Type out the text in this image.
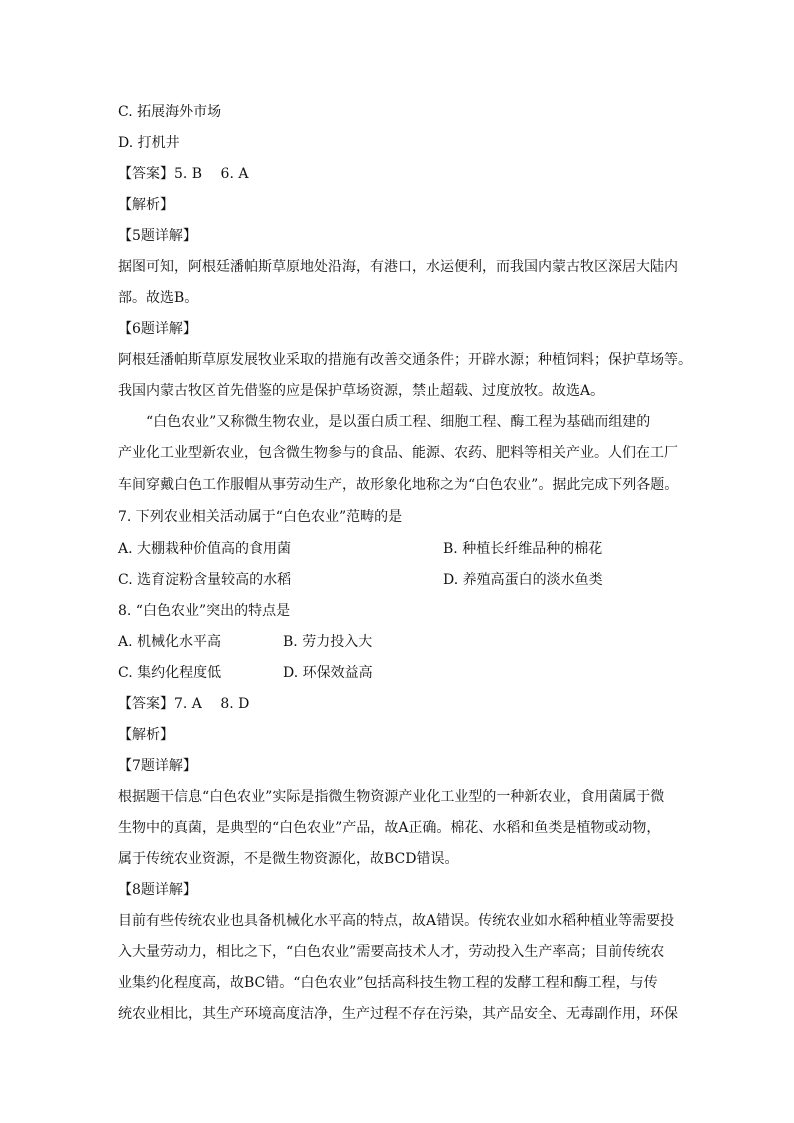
C. 拓展海外市场
D. 打机井
【答案】5. B　 6. A
【解析】
【5题详解】
据图可知，阿根廷潘帕斯草原地处沿海，有港口，水运便利，而我国内蒙古牧区深居大陆内
部。故选B。
【6题详解】
阿根廷潘帕斯草原发展牧业采取的措施有改善交通条件；开辟水源；种植饲料；保护草场等。
我国内蒙古牧区首先借鉴的应是保护草场资源，禁止超载、过度放牧。故选A。
“白色农业”又称微生物农业，是以蛋白质工程、细胞工程、酶工程为基础而组建的
产业化工业型新农业，包含微生物参与的食品、能源、农药、肥料等相关产业。人们在工厂
车间穿戴白色工作服帽从事劳动生产，故形象化地称之为“白色农业”。据此完成下列各题。
7. 下列农业相关活动属于“白色农业”范畴的是
A. 大棚栽种价值高的食用菌	B. 种植长纤维品种的棉花
C. 选育淀粉含量较高的水稻	D. 养殖高蛋白的淡水鱼类
8. “白色农业”突出的特点是
A. 机械化水平高	B. 劳力投入大
C. 集约化程度低	D. 环保效益高
【答案】7. A　 8. D
【解析】
【7题详解】
根据题干信息“白色农业”实际是指微生物资源产业化工业型的一种新农业，食用菌属于微
生物中的真菌，是典型的“白色农业”产品，故A正确。棉花、水稻和鱼类是植物或动物，
属于传统农业资源，不是微生物资源化，故BCD错误。
【8题详解】
目前有些传统农业也具备机械化水平高的特点，故A错误。传统农业如水稻种植业等需要投
入大量劳动力，相比之下，“白色农业”需要高技术人才，劳动投入生产率高；目前传统农
业集约化程度高，故BC错。“白色农业”包括高科技生物工程的发酵工程和酶工程，与传
统农业相比，其生产环境高度洁净，生产过程不存在污染，其产品安全、无毒副作用，环保
